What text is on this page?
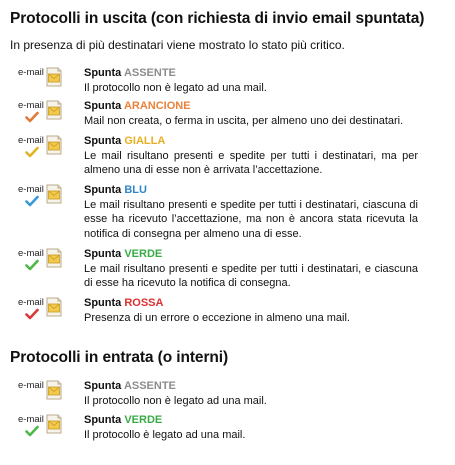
Protocolli in uscita (con richiesta di invio email spuntata)
In presenza di più destinatari viene mostrato lo stato più critico.
e-mail	Spunta ASSENTE
Il protocollo non è legato ad una mail.
e-mail	Spunta ARANCIONE
Mail non creata, o ferma in uscita, per almeno uno dei destinatari.
e-mail	Spunta GIALLA
Le mail risultano presenti e spedite per tutti i destinatari, ma per almeno una di esse non è arrivata l’accettazione.
e-mail	Spunta BLU
Le mail risultano presenti e spedite per tutti i destinatari, ciascuna di esse ha ricevuto l’accettazione, ma non è ancora stata ricevuta la notifica di consegna per almeno una di esse.
e-mail	Spunta VERDE
Le mail risultano presenti e spedite per tutti i destinatari, e ciascuna di esse ha ricevuto la notifica di consegna.
e-mail	Spunta ROSSA
Presenza di un errore o eccezione in almeno una mail.
Protocolli in entrata (o interni)
e-mail	Spunta ASSENTE
Il protocollo non è legato ad una mail.
e-mail	Spunta VERDE
Il protocollo è legato ad una mail.
